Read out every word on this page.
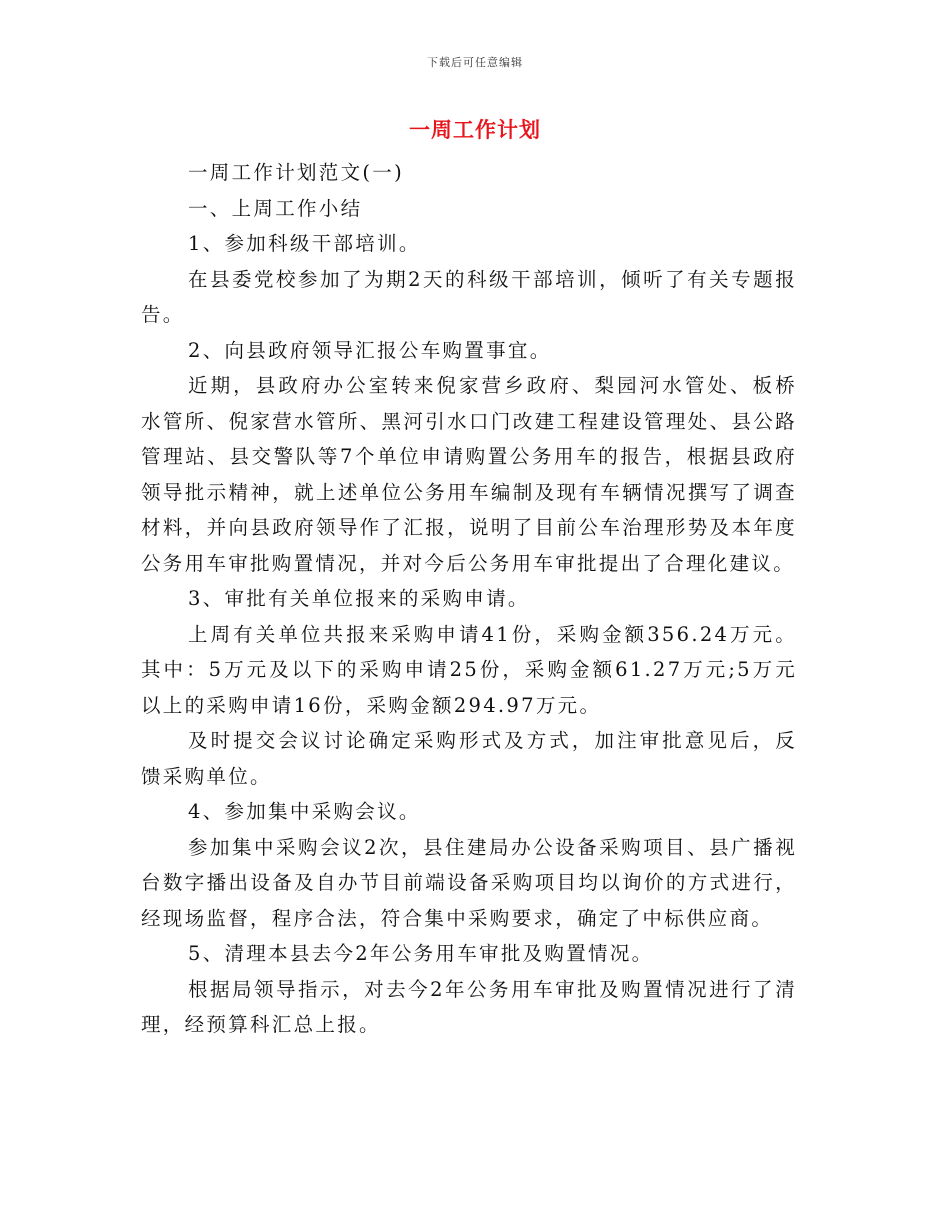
下载后可任意编辑
一周工作计划

一周工作计划范文(一)

一、上周工作小结

1、参加科级干部培训。

在县委党校参加了为期2天的科级干部培训，倾听了有关专题报告。

2、向县政府领导汇报公车购置事宜。

近期，县政府办公室转来倪家营乡政府、梨园河水管处、板桥水管所、倪家营水管所、黑河引水口门改建工程建设管理处、县公路管理站、县交警队等7个单位申请购置公务用车的报告，根据县政府领导批示精神，就上述单位公务用车编制及现有车辆情况撰写了调查材料，并向县政府领导作了汇报，说明了目前公车治理形势及本年度公务用车审批购置情况，并对今后公务用车审批提出了合理化建议。

3、审批有关单位报来的采购申请。

上周有关单位共报来采购申请41份，采购金额356.24万元。其中：5万元及以下的采购申请25份，采购金额61.27万元;5万元以上的采购申请16份，采购金额294.97万元。

及时提交会议讨论确定采购形式及方式，加注审批意见后，反馈采购单位。

4、参加集中采购会议。

参加集中采购会议2次，县住建局办公设备采购项目、县广播视台数字播出设备及自办节目前端设备采购项目均以询价的方式进行，经现场监督，程序合法，符合集中采购要求，确定了中标供应商。

5、清理本县去今2年公务用车审批及购置情况。

根据局领导指示，对去今2年公务用车审批及购置情况进行了清理，经预算科汇总上报。
